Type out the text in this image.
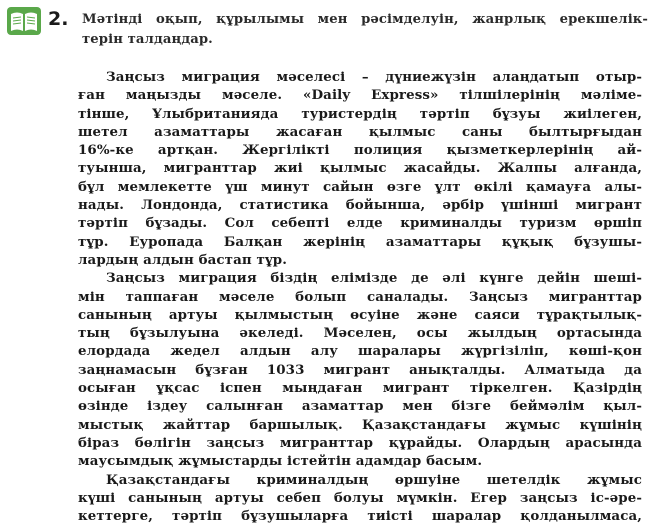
2. Мәтінді оқып, құрылымы мен рәсімделуін, жанрлық ерекшелік-
терін талдаңдар.
Заңсыз миграция мәселесі – дүниежүзін алаңдатып отыр-
ған маңызды мәселе. «Daily Express» тілшілерінің мәліме-
тінше, Ұлыбританияда туристердің тәртіп бұзуы жиілеген,
шетел азаматтары жасаған қылмыс саны былтырғыдан
16%-ке артқан. Жергілікті полиция қызметкерлерінің ай-
туынша, мигранттар жиі қылмыс жасайды. Жалпы алғанда,
бұл мемлекетте үш минут сайын өзге ұлт өкілі қамауға алы-
нады. Лондонда, статистика бойынша, әрбір үшінші мигрант
тәртіп бұзады. Сол себепті елде криминалды туризм өршіп
тұр. Еуропада Балқан жерінің азаматтары құқық бұзушы-
лардың алдын бастап тұр.
Заңсыз миграция біздің елімізде де әлі күнге дейін шеші-
мін таппаған мәселе болып саналады. Заңсыз мигранттар
санының артуы қылмыстың өсуіне және саяси тұрақтылық-
тың бұзылуына әкеледі. Мәселен, осы жылдың ортасында
елордада жедел алдын алу шаралары жүргізіліп, көші-қон
заңнамасын бұзған 1033 мигрант анықталды. Алматыда да
осыған ұқсас іспен мыңдаған мигрант тіркелген. Қазірдің
өзінде іздеу салынған азаматтар мен бізге беймәлім қыл-
мыстық жайттар баршылық. Қазақстандағы жұмыс күшінің
біраз бөлігін заңсыз мигранттар құрайды. Олардың арасында
маусымдық жұмыстарды істейтін адамдар басым.
Қазақстандағы криминалдың өршуіне шетелдік жұмыс
күші санының артуы себеп болуы мүмкін. Егер заңсыз іс-әре-
кеттерге, тәртіп бұзушыларға тиісті шаралар қолданылмаса,
